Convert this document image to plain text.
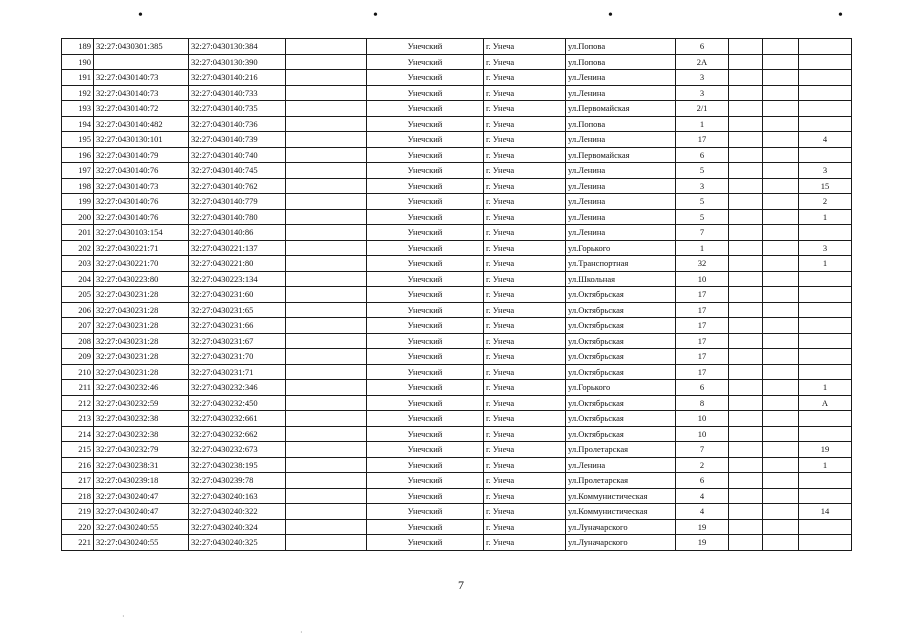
•	•	•	•
189	32:27:0430301:385	32:27:0430130:384		Унечский	г. Унеча	ул.Попова	6			
190		32:27:0430130:390		Унечский	г. Унеча	ул.Попова	2А			
191	32:27:0430140:73	32:27:0430140:216		Унечский	г. Унеча	ул.Ленина	3			
192	32:27:0430140:73	32:27:0430140:733		Унечский	г. Унеча	ул.Ленина	3			
193	32:27:0430140:72	32:27:0430140:735		Унечский	г. Унеча	ул.Первомайская	2/1			
194	32:27:0430140:482	32:27:0430140:736		Унечский	г. Унеча	ул.Попова	1			
195	32:27:0430130:101	32:27:0430140:739		Унечский	г. Унеча	ул.Ленина	17			4
196	32:27:0430140:79	32:27:0430140:740		Унечский	г. Унеча	ул.Первомайская	6			
197	32:27:0430140:76	32:27:0430140:745		Унечский	г. Унеча	ул.Ленина	5			3
198	32:27:0430140:73	32:27:0430140:762		Унечский	г. Унеча	ул.Ленина	3			15
199	32:27:0430140:76	32:27:0430140:779		Унечский	г. Унеча	ул.Ленина	5			2
200	32:27:0430140:76	32:27:0430140:780		Унечский	г. Унеча	ул.Ленина	5			1
201	32:27:0430103:154	32:27:0430140:86		Унечский	г. Унеча	ул.Ленина	7			
202	32:27:0430221:71	32:27:0430221:137		Унечский	г. Унеча	ул.Горького	1			3
203	32:27:0430221:70	32:27:0430221:80		Унечский	г. Унеча	ул.Транспортная	32			1
204	32:27:0430223:80	32:27:0430223:134		Унечский	г. Унеча	ул.Школьная	10			
205	32:27:0430231:28	32:27:0430231:60		Унечский	г. Унеча	ул.Октябрьская	17			
206	32:27:0430231:28	32:27:0430231:65		Унечский	г. Унеча	ул.Октябрьская	17			
207	32:27:0430231:28	32:27:0430231:66		Унечский	г. Унеча	ул.Октябрьская	17			
208	32:27:0430231:28	32:27:0430231:67		Унечский	г. Унеча	ул.Октябрьская	17			
209	32:27:0430231:28	32:27:0430231:70		Унечский	г. Унеча	ул.Октябрьская	17			
210	32:27:0430231:28	32:27:0430231:71		Унечский	г. Унеча	ул.Октябрьская	17			
211	32:27:0430232:46	32:27:0430232:346		Унечский	г. Унеча	ул.Горького	6			1
212	32:27:0430232:59	32:27:0430232:450		Унечский	г. Унеча	ул.Октябрьская	8			А
213	32:27:0430232:38	32:27:0430232:661		Унечский	г. Унеча	ул.Октябрьская	10			
214	32:27:0430232:38	32:27:0430232:662		Унечский	г. Унеча	ул.Октябрьская	10			
215	32:27:0430232:79	32:27:0430232:673		Унечский	г. Унеча	ул.Пролетарская	7			19
216	32:27:0430238:31	32:27:0430238:195		Унечский	г. Унеча	ул.Ленина	2			1
217	32:27:0430239:18	32:27:0430239:78		Унечский	г. Унеча	ул.Пролетарская	6			
218	32:27:0430240:47	32:27:0430240:163		Унечский	г. Унеча	ул.Коммунистическая	4			
219	32:27:0430240:47	32:27:0430240:322		Унечский	г. Унеча	ул.Коммунистическая	4			14
220	32:27:0430240:55	32:27:0430240:324		Унечский	г. Унеча	ул.Луначарского	19			
221	32:27:0430240:55	32:27:0430240:325		Унечский	г. Унеча	ул.Луначарского	19			
7
·
·
